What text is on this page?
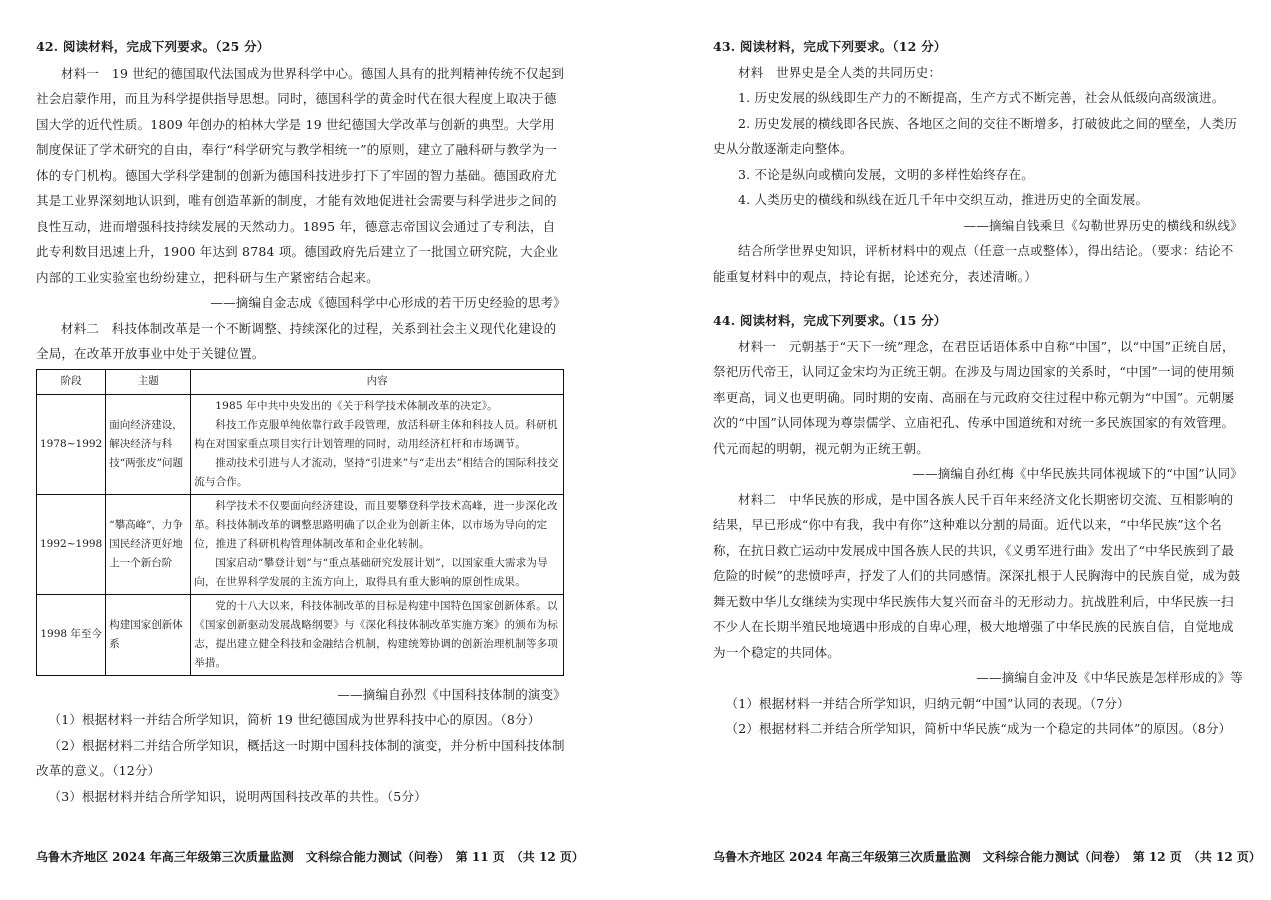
42. 阅读材料，完成下列要求。（25 分）

材料一　19 世纪的德国取代法国成为世界科学中心。德国人具有的批判精神传统不仅起到社会启蒙作用，而且为科学提供指导思想。同时，德国科学的黄金时代在很大程度上取决于德国大学的近代性质。1809 年创办的柏林大学是 19 世纪德国大学改革与创新的典型。大学用制度保证了学术研究的自由，奉行“科学研究与教学相统一”的原则，建立了融科研与教学为一体的专门机构。德国大学科学建制的创新为德国科技进步打下了牢固的智力基础。德国政府尤其是工业界深刻地认识到，唯有创造革新的制度，才能有效地促进社会需要与科学进步之间的良性互动，进而增强科技持续发展的天然动力。1895 年，德意志帝国议会通过了专利法，自此专利数目迅速上升，1900 年达到 8784 项。德国政府先后建立了一批国立研究院，大企业内部的工业实验室也纷纷建立，把科研与生产紧密结合起来。

——摘编自金志成《德国科学中心形成的若干历史经验的思考》

材料二　科技体制改革是一个不断调整、持续深化的过程，关系到社会主义现代化建设的全局，在改革开放事业中处于关键位置。

阶段	主题	内容
1978~1992	面向经济建设，解决经济与科技“两张皮”问题	1985 年中共中央发出的《关于科学技术体制改革的决定》。

科技工作克服单纯依靠行政手段管理，放活科研主体和科技人员。科研机构在对国家重点项目实行计划管理的同时，动用经济杠杆和市场调节。

推动技术引进与人才流动，坚持“引进来”与“走出去”相结合的国际科技交流与合作。

1992~1998	“攀高峰”，力争国民经济更好地上一个新台阶	科学技术不仅要面向经济建设，而且要攀登科学技术高峰，进一步深化改革。科技体制改革的调整思路明确了以企业为创新主体，以市场为导向的定位，推进了科研机构管理体制改革和企业化转制。

国家启动“攀登计划”与“重点基础研究发展计划”，以国家重大需求为导向，在世界科学发展的主流方向上，取得具有重大影响的原创性成果。

1998 年至今	构建国家创新体系	党的十八大以来，科技体制改革的目标是构建中国特色国家创新体系。以《国家创新驱动发展战略纲要》与《深化科技体制改革实施方案》的颁布为标志，提出建立健全科技和金融结合机制，构建统筹协调的创新治理机制等多项举措。

——摘编自孙烈《中国科技体制的演变》

（1）根据材料一并结合所学知识，简析 19 世纪德国成为世界科技中心的原因。（8分）

（2）根据材料二并结合所学知识，概括这一时期中国科技体制的演变，并分析中国科技体制改革的意义。（12分）

（3）根据材料并结合所学知识，说明两国科技改革的共性。（5分）

乌鲁木齐地区 2024 年高三年级第三次质量监测　文科综合能力测试（问卷）　第 11 页　（共 12 页）

43. 阅读材料，完成下列要求。（12 分）

材料　世界史是全人类的共同历史：

1. 历史发展的纵线即生产力的不断提高，生产方式不断完善，社会从低级向高级演进。

2. 历史发展的横线即各民族、各地区之间的交往不断增多，打破彼此之间的壁垒，人类历史从分散逐渐走向整体。

3. 不论是纵向或横向发展，文明的多样性始终存在。

4. 人类历史的横线和纵线在近几千年中交织互动，推进历史的全面发展。

——摘编自钱乘旦《勾勒世界历史的横线和纵线》

结合所学世界史知识，评析材料中的观点（任意一点或整体），得出结论。（要求：结论不能重复材料中的观点，持论有据，论述充分，表述清晰。）

44. 阅读材料，完成下列要求。（15 分）

材料一　元朝基于“天下一统”理念，在君臣话语体系中自称“中国”，以“中国”正统自居，祭祀历代帝王，认同辽金宋均为正统王朝。在涉及与周边国家的关系时，“中国”一词的使用频率更高，词义也更明确。同时期的安南、高丽在与元政府交往过程中称元朝为“中国”。元朝屡次的“中国”认同体现为尊崇儒学、立庙祀孔、传承中国道统和对统一多民族国家的有效管理。代元而起的明朝，视元朝为正统王朝。

——摘编自孙红梅《中华民族共同体视域下的“中国”认同》

材料二　中华民族的形成，是中国各族人民千百年来经济文化长期密切交流、互相影响的结果，早已形成“你中有我，我中有你”这种难以分割的局面。近代以来，“中华民族”这个名称，在抗日救亡运动中发展成中国各族人民的共识，《义勇军进行曲》发出了“中华民族到了最危险的时候”的悲愤呼声，抒发了人们的共同感情。深深扎根于人民胸海中的民族自觉，成为鼓舞无数中华儿女继续为实现中华民族伟大复兴而奋斗的无形动力。抗战胜利后，中华民族一扫不少人在长期半殖民地境遇中形成的自卑心理，极大地增强了中华民族的民族自信，自觉地成为一个稳定的共同体。

——摘编自金冲及《中华民族是怎样形成的》等

（1）根据材料一并结合所学知识，归纳元朝“中国”认同的表现。（7分）

（2）根据材料二并结合所学知识，简析中华民族“成为一个稳定的共同体”的原因。（8分）

乌鲁木齐地区 2024 年高三年级第三次质量监测　文科综合能力测试（问卷）　第 12 页　（共 12 页）
